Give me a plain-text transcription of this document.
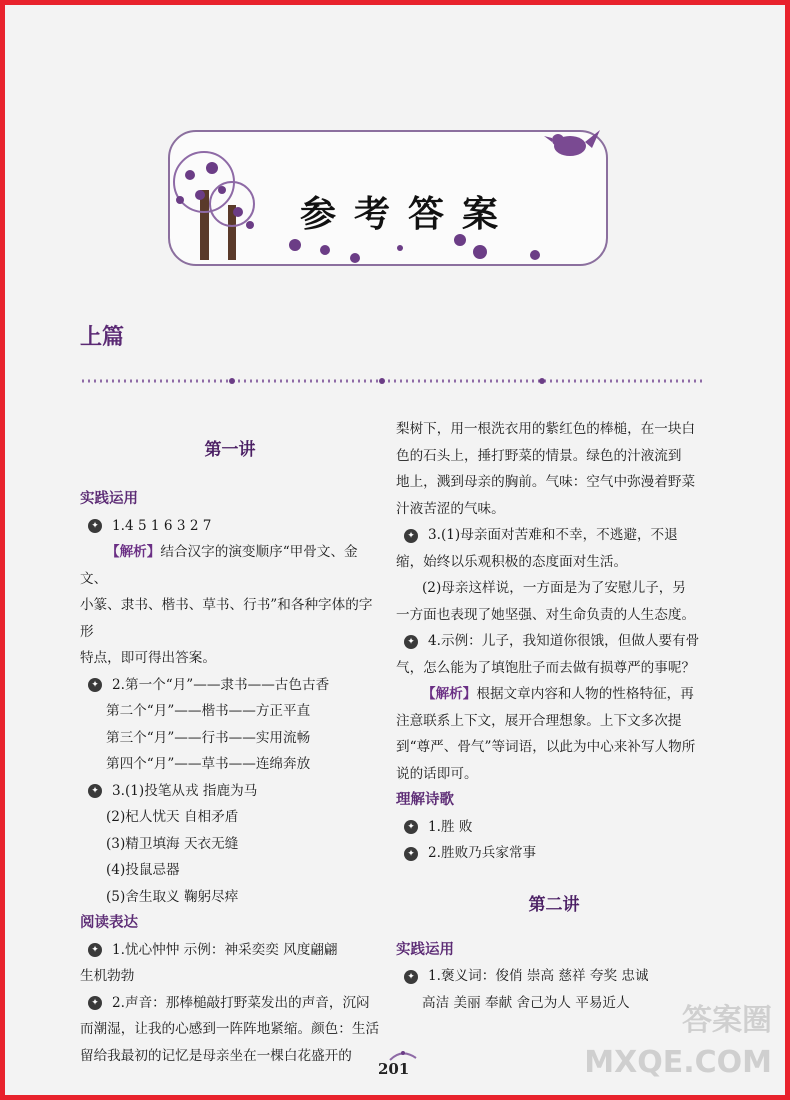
参考答案
上篇
第一讲
实践运用

✦ 1.4 5 1 6 3 2 7

【解析】结合汉字的演变顺序“甲骨文、金文、

小篆、隶书、楷书、草书、行书”和各种字体的字形

特点，即可得出答案。

✦ 2.第一个“月”——隶书——古色古香

第二个“月”——楷书——方正平直

第三个“月”——行书——实用流畅

第四个“月”——草书——连绵奔放

✦ 3.(1)投笔从戎 指鹿为马

(2)杞人忧天 自相矛盾

(3)精卫填海 天衣无缝

(4)投鼠忌器

(5)舍生取义 鞠躬尽瘁

阅读表达

✦ 1.忧心忡忡 示例：神采奕奕 风度翩翩

生机勃勃

✦ 2.声音：那棒槌敲打野菜发出的声音，沉闷

而潮湿，让我的心感到一阵阵地紧缩。颜色：生活

留给我最初的记忆是母亲坐在一棵白花盛开的

梨树下，用一根洗衣用的紫红色的棒槌，在一块白

色的石头上，捶打野菜的情景。绿色的汁液流到

地上，溅到母亲的胸前。气味：空气中弥漫着野菜

汁液苦涩的气味。

✦ 3.(1)母亲面对苦难和不幸，不逃避，不退

缩，始终以乐观积极的态度面对生活。

(2)母亲这样说，一方面是为了安慰儿子，另

一方面也表现了她坚强、对生命负责的人生态度。

✦ 4.示例：儿子，我知道你很饿，但做人要有骨

气，怎么能为了填饱肚子而去做有损尊严的事呢？

【解析】根据文章内容和人物的性格特征，再

注意联系上下文，展开合理想象。上下文多次提

到“尊严、骨气”等词语，以此为中心来补写人物所

说的话即可。

理解诗歌

✦ 1.胜 败

✦ 2.胜败乃兵家常事

第二讲
实践运用

✦ 1.褒义词：俊俏 崇高 慈祥 夸奖 忠诚

高洁 美丽 奉献 舍己为人 平易近人

201
答案圈
MXQE.COM
